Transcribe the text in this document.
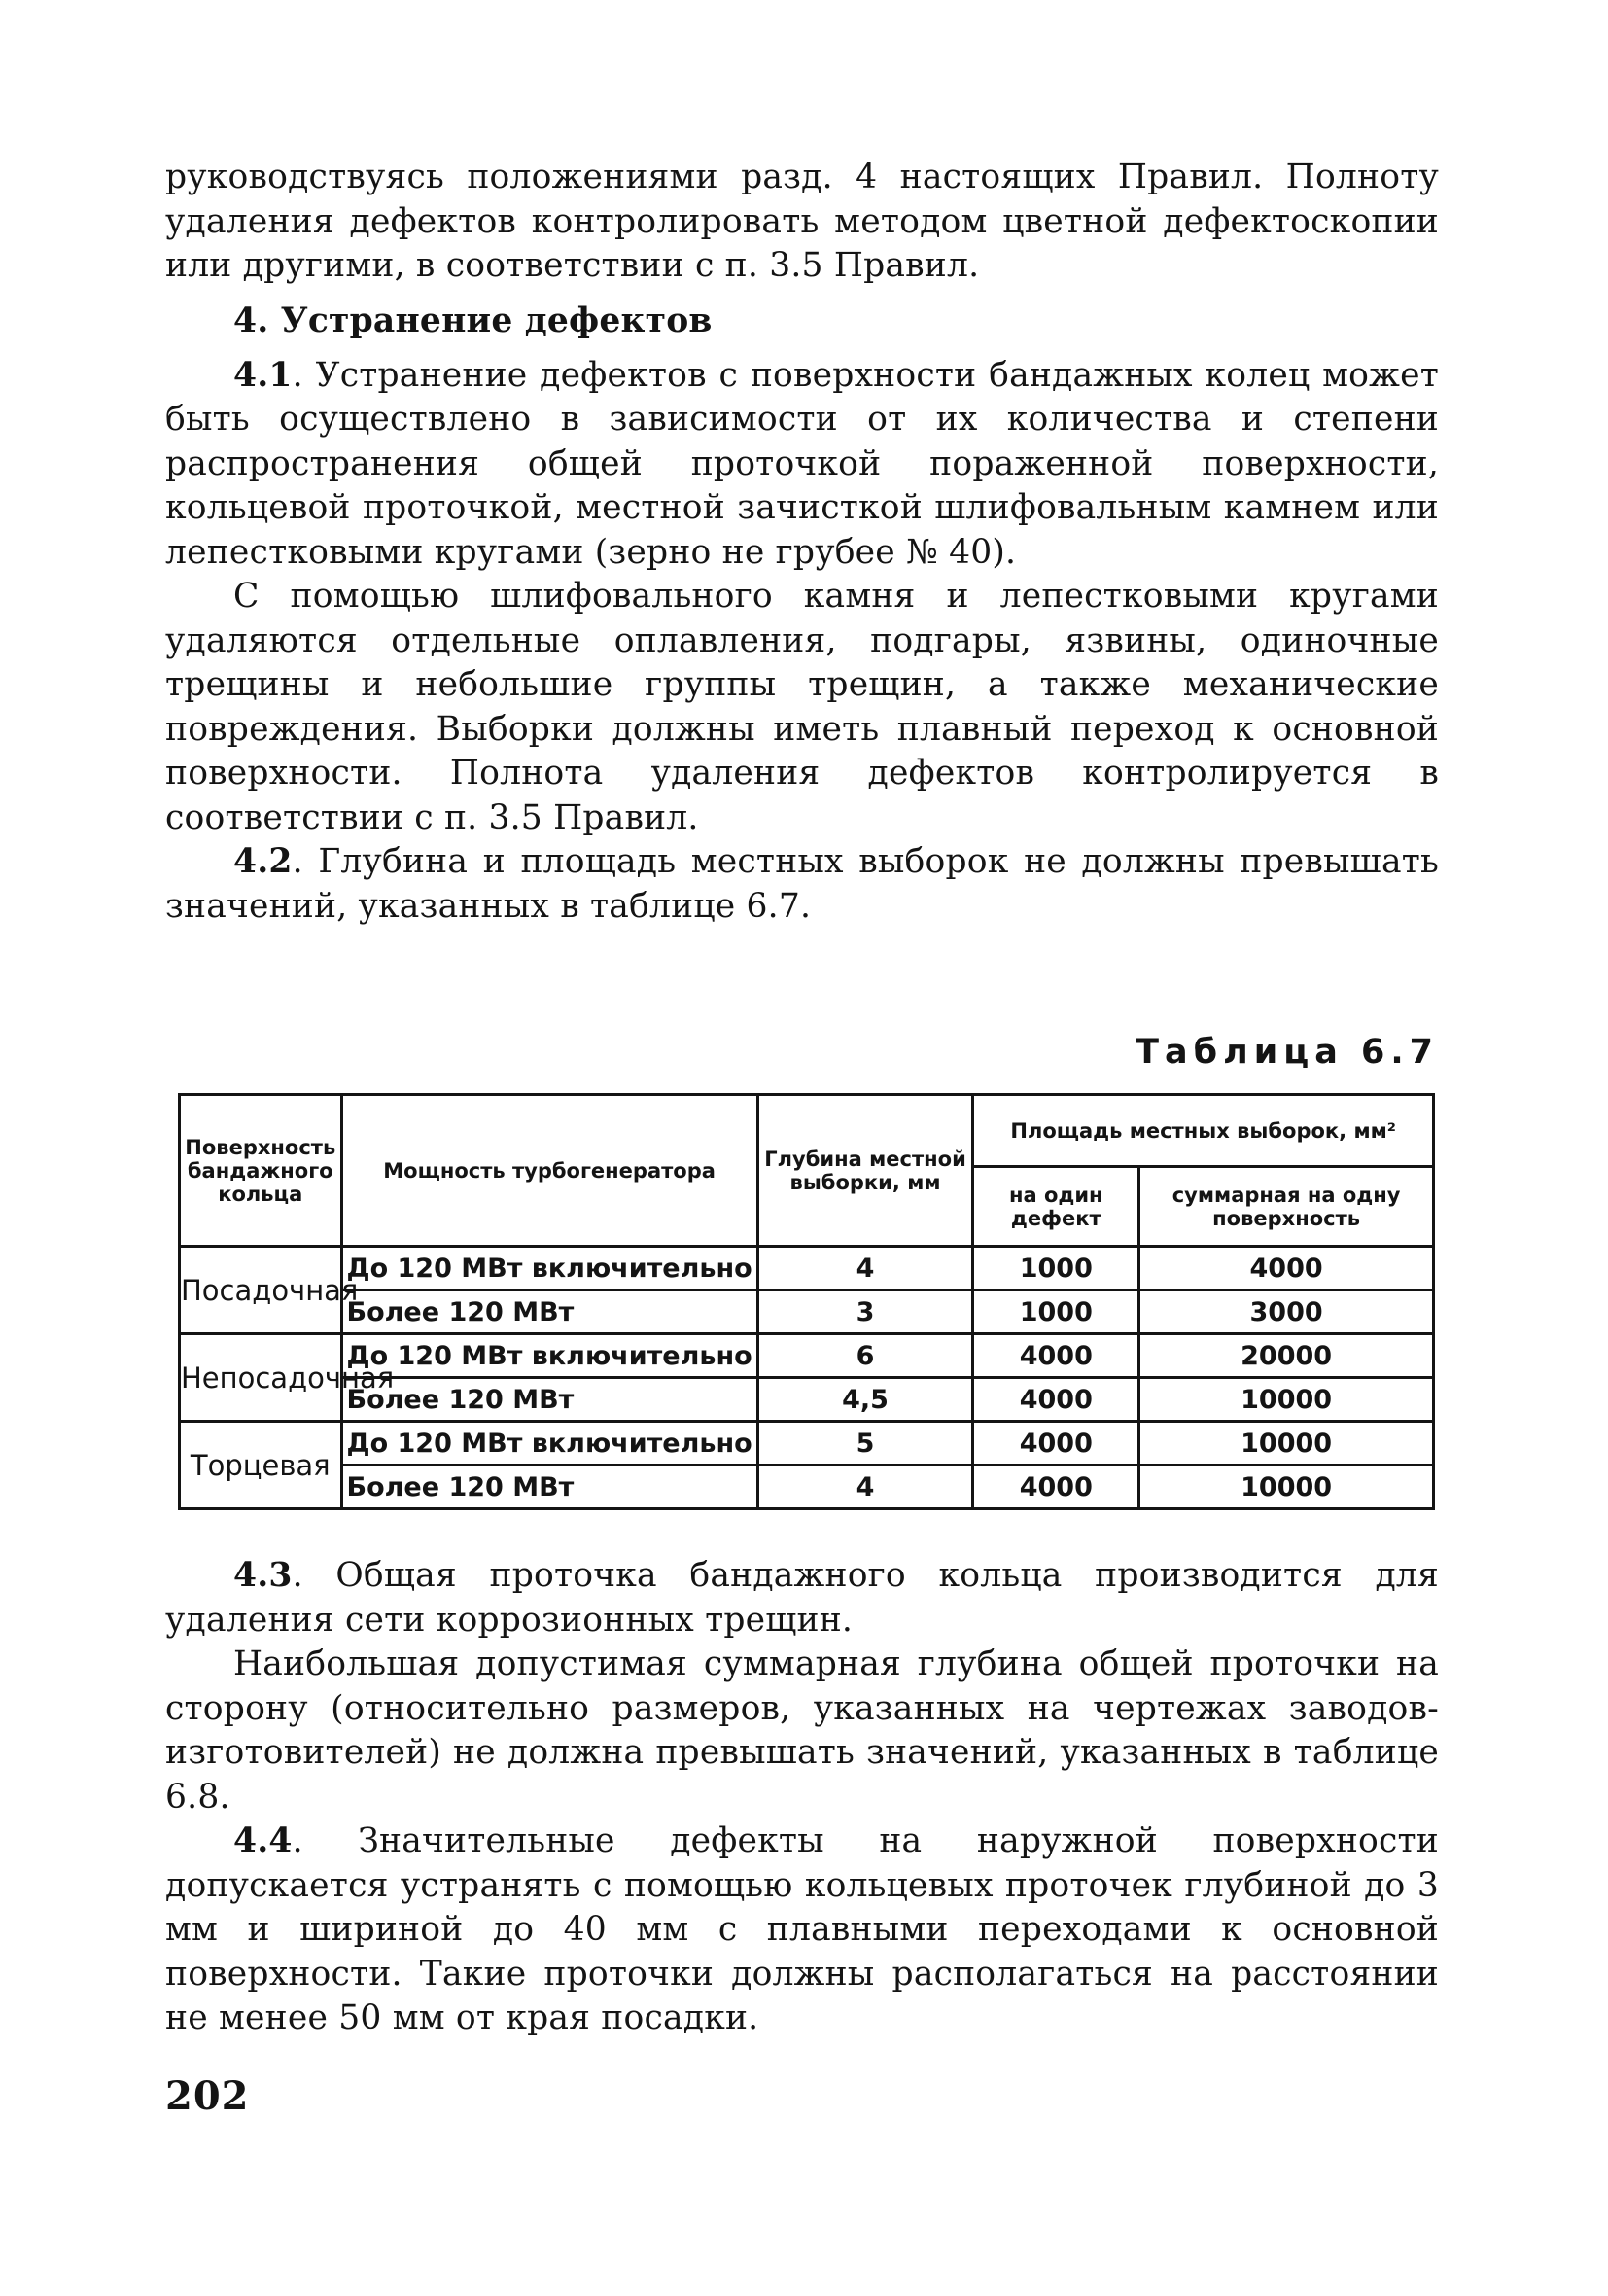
руководствуясь положениями разд. 4 настоящих Правил. Полноту удаления дефектов контролировать методом цветной дефектоскопии или другими, в соответствии с п. 3.5 Правил.

4. Устранение дефектов

4.1. Устранение дефектов с поверхности бандажных колец может быть осуществлено в зависимости от их количества и степени распространения общей проточкой пораженной поверхности, кольцевой проточкой, местной зачисткой шлифовальным камнем или лепестковыми кругами (зерно не грубее № 40).

С помощью шлифовального камня и лепестковыми кругами удаляются отдельные оплавления, подгары, язвины, одиночные трещины и небольшие группы трещин, а также механические повреждения. Выборки должны иметь плавный переход к основной поверхности. Полнота удаления дефектов контролируется в соответствии с п. 3.5 Правил.

4.2. Глубина и площадь местных выборок не должны превышать значений, указанных в таблице 6.7.

Таблица 6.7
Поверхность бандажного кольца	Мощность турбогенератора	Глубина местной выборки, мм	Площадь местных выборок, мм²	
			на один дефект	суммарная на одну поверхность
Посадочная	До 120 МВт включительно	4	1000	4000
	Более 120 МВт	3	1000	3000
Непосадочная	До 120 МВт включительно	6	4000	20000
	Более 120 МВт	4,5	4000	10000
Торцевая	До 120 МВт включительно	5	4000	10000
	Более 120 МВт	4	4000	10000

4.3. Общая проточка бандажного кольца производится для удаления сети коррозионных трещин.

Наибольшая допустимая суммарная глубина общей проточки на сторону (относительно размеров, указанных на чертежах заводов-изготовителей) не должна превышать значений, указанных в таблице 6.8.

4.4. Значительные дефекты на наружной поверхности допускается устранять с помощью кольцевых проточек глубиной до 3 мм и шириной до 40 мм с плавными переходами к основной поверхности. Такие проточки должны располагаться на расстоянии не менее 50 мм от края посадки.

202
